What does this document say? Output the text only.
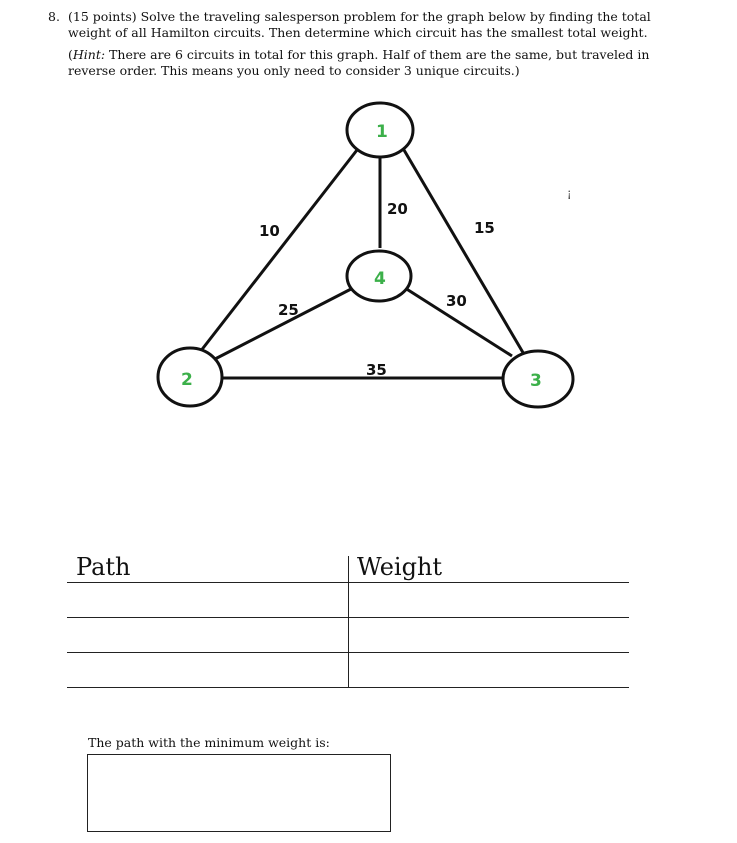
8. (15 points) Solve the traveling salesperson problem for the graph below by finding the total weight of all Hamilton circuits. Then determine which circuit has the smallest total weight.
(Hint: There are 6 circuits in total for this graph. Half of them are the same, but traveled in reverse order. This means you only need to consider 3 unique circuits.)
1
4
2	3
20
10	15
25	30
35
¡
Path	Weight
The path with the minimum weight is:
